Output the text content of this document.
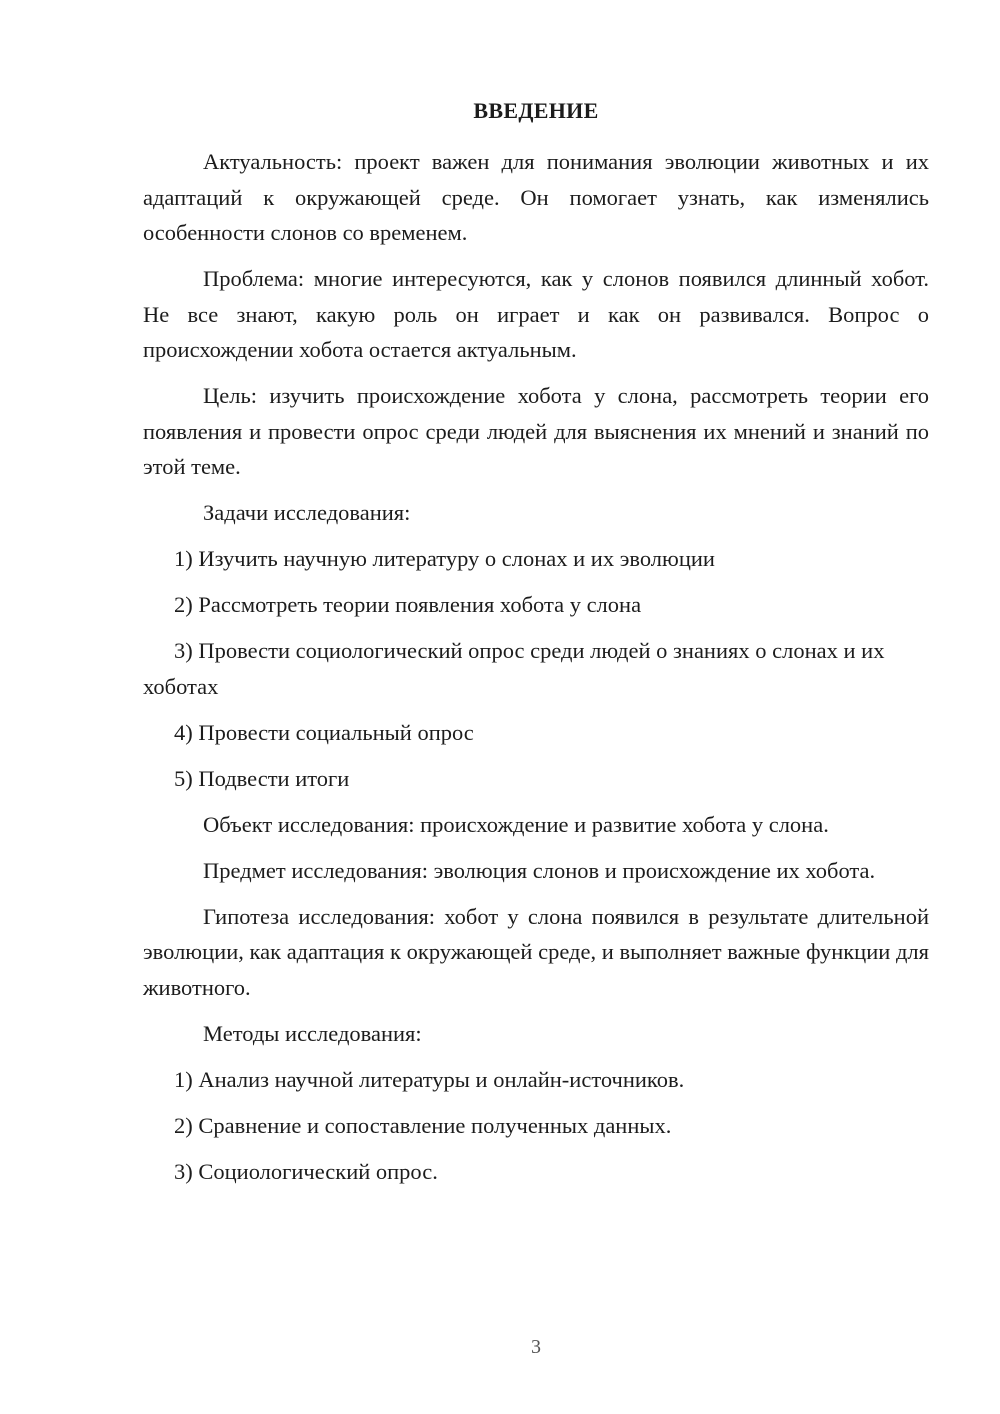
ВВЕДЕНИЕ

Актуальность: проект важен для понимания эволюции животных и их адаптаций к окружающей среде. Он помогает узнать, как изменялись особенности слонов со временем.

Проблема: многие интересуются, как у слонов появился длинный хобот. Не все знают, какую роль он играет и как он развивался. Вопрос о происхождении хобота остается актуальным.

Цель: изучить происхождение хобота у слона, рассмотреть теории его появления и провести опрос среди людей для выяснения их мнений и знаний по этой теме.

Задачи исследования:

1) Изучить научную литературу о слонах и их эволюции

2) Рассмотреть теории появления хобота у слона

3) Провести социологический опрос среди людей о знаниях о слонах и их хоботах

4) Провести социальный опрос

5) Подвести итоги

Объект исследования: происхождение и развитие хобота у слона.

Предмет исследования: эволюция слонов и происхождение их хобота.

Гипотеза исследования: хобот у слона появился в результате длительной эволюции, как адаптация к окружающей среде, и выполняет важные функции для животного.

Методы исследования:

1) Анализ научной литературы и онлайн-источников.

2) Сравнение и сопоставление полученных данных.

3) Социологический опрос.

3
